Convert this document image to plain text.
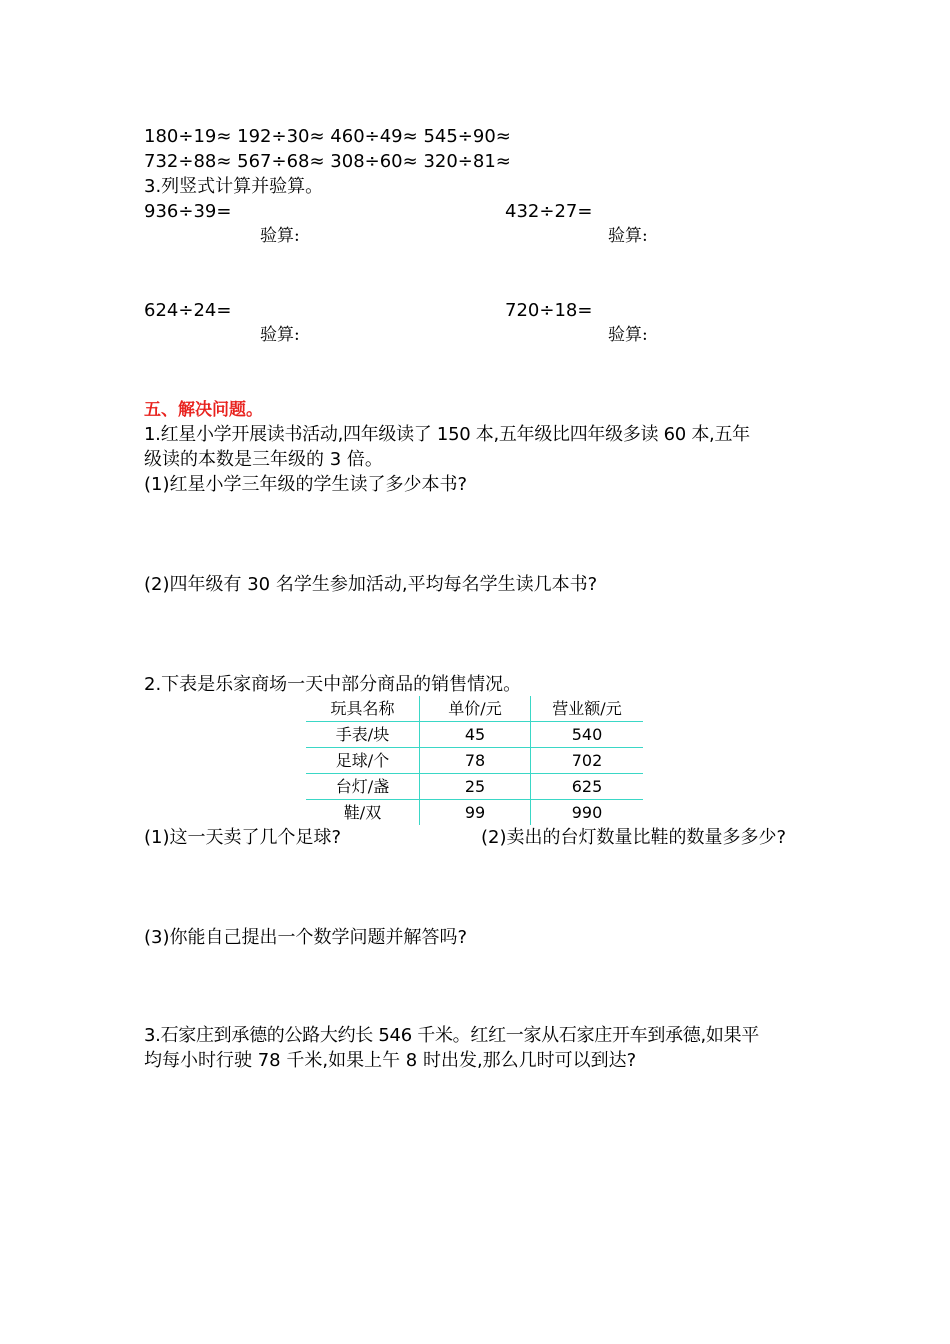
180÷19≈ 192÷30≈ 460÷49≈ 545÷90≈
732÷88≈ 567÷68≈ 308÷60≈ 320÷81≈
3.列竖式计算并验算。
936÷39=	432÷27=
验算:	验算:
624÷24=	720÷18=
验算:	验算:
五、解决问题。
1.红星小学开展读书活动,四年级读了 150 本,五年级比四年级多读 60 本,五年
级读的本数是三年级的 3 倍。
(1)红星小学三年级的学生读了多少本书?
(2)四年级有 30 名学生参加活动,平均每名学生读几本书?
2.下表是乐家商场一天中部分商品的销售情况。
玩具名称	单价/元	营业额/元
手表/块	45	540
足球/个	78	702
台灯/盏	25	625
鞋/双	99	990
(1)这一天卖了几个足球?	(2)卖出的台灯数量比鞋的数量多多少?
(3)你能自己提出一个数学问题并解答吗?
3.石家庄到承德的公路大约长 546 千米。红红一家从石家庄开车到承德,如果平
均每小时行驶 78 千米,如果上午 8 时出发,那么几时可以到达?
